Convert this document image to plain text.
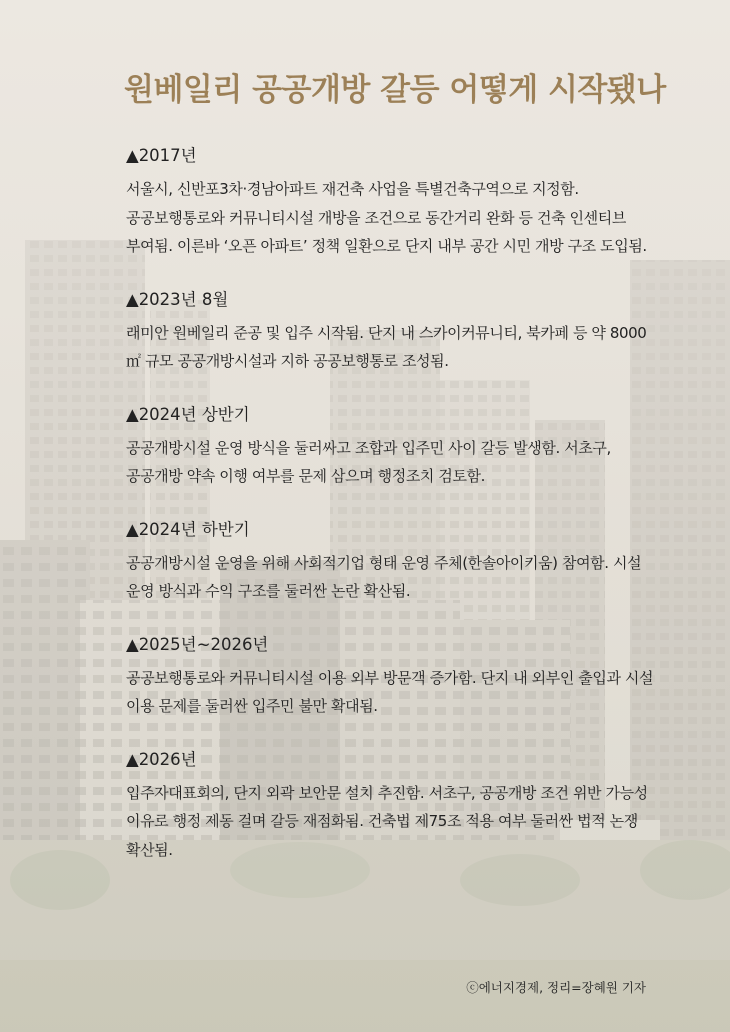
원베일리 공공개방 갈등 어떻게 시작됐나

▲2017년

서울시, 신반포3차·경남아파트 재건축 사업을 특별건축구역으로 지정함. 공공보행통로와 커뮤니티시설 개방을 조건으로 동간거리 완화 등 건축 인센티브 부여됨. 이른바 ‘오픈 아파트’ 정책 일환으로 단지 내부 공간 시민 개방 구조 도입됨.

▲2023년 8월

래미안 원베일리 준공 및 입주 시작됨. 단지 내 스카이커뮤니티, 북카페 등 약 8000㎡ 규모 공공개방시설과 지하 공공보행통로 조성됨.

▲2024년 상반기

공공개방시설 운영 방식을 둘러싸고 조합과 입주민 사이 갈등 발생함. 서초구, 공공개방 약속 이행 여부를 문제 삼으며 행정조치 검토함.

▲2024년 하반기

공공개방시설 운영을 위해 사회적기업 형태 운영 주체(한솔아이키움) 참여함. 시설 운영 방식과 수익 구조를 둘러싼 논란 확산됨.

▲2025년~2026년

공공보행통로와 커뮤니티시설 이용 외부 방문객 증가함. 단지 내 외부인 출입과 시설 이용 문제를 둘러싼 입주민 불만 확대됨.

▲2026년

입주자대표회의, 단지 외곽 보안문 설치 추진함. 서초구, 공공개방 조건 위반 가능성 이유로 행정 제동 걸며 갈등 재점화됨. 건축법 제75조 적용 여부 둘러싼 법적 논쟁 확산됨.

ⓒ에너지경제, 정리=장혜원 기자
